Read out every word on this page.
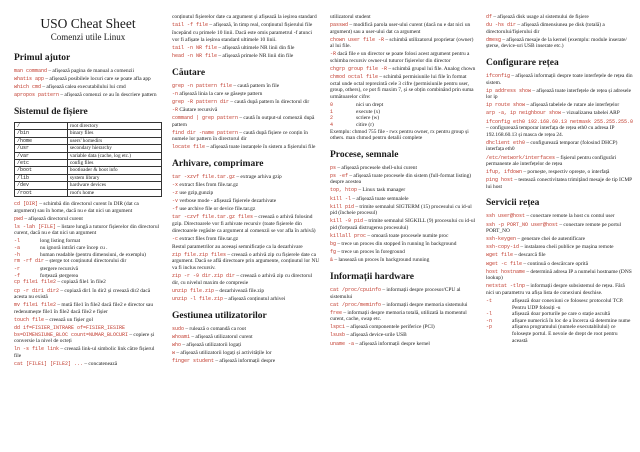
USO Cheat Sheet
Comenzi utile Linux
Primul ajutor

man command – afișează pagina de manual a comenzii

whatis app – afișează posibilele locuri care se poate afla app

which cmd – afișează calea executabilului lui cmd

apropos pattern – afișează comenzi ce au în descriere pattern

Sistemul de fișiere
/	root directory
/bin	binary files
/home	users' homedirs
/usr	secondary hierarchy
/var	variable data (cache, log etc.)
/etc	config files
/boot	bootloader & boot info
/lib	system library
/dev	hardware devices
/root	root's home

cd [DIR] – schimbă din directorul curent în DIR (dat ca argument) sau în home, dacă nu e dat nici un argument

pwd – afișează directorul curent

ls -lah [FILE] – listare lungă a tuturor fișierelor din directorul curent, dacă nu e dat nici un argument

-l	long listing format
-a	nu ignoră intrări care încep cu .
-h	human readable (pentru dimensiuni, de exemplu)

rm -rf dir – șterge tot conținutul directorului dir

-r	ștergere recursivă
-f	forțează ștergerea

cp file1 file2 – copiază file1 în file2

cp -r dir1 dir2 – copiază dir1 în dir2 și creează dir2 dacă acesta nu există

mv file1 file2 – mută file1 în file2 dacă file2 e director sau redenumește file1 în file2 dacă file2 e fișier

touch file – creează un fișier gol

dd if=FISIER_INTRARE of=FISIER_IESIRE bs=DIMENSIUNE_BLOC count=NUMAR_BLOCURI – copiere și conversie la nivel de octeți

ln -s file link – creează link-ul simbolic link către fișierul file

cat [FILE1] [FILE2] ... – concatenează

conținutul fișierelor date ca argument și afișează la ieșirea standard

tail -f file – afișează, în timp real, conținutul fișierului file

începând cu primele 10 linii. Dacă este omis parametrul -f atunci vor fi afișate la ieșirea standard ultimele 10 linii.

tail -n NR file – afișează ultimele NR linii din file

head -n NR file – afișează primele NR linii din file

Căutare

grep -n pattern file – caută pattern în file

-n afișează linia la care se găsește pattern

grep -R pattern dir – caută după pattern în directorul dir

-R Căutare recursivă

command | grep pattern – caută în output-ul comenzii după pattern

find dir -name pattern – caută după fișiere ce conțin în numele lor pattern în directorul dir

locate file – afișează toate instanțele în sistem a fișierului file

Arhivare, comprimare

tar -xzvf file.tar.gz – extrage arhiva gzip

-x extract files from file.tar.gz

-z use gzip,gunzip

-v verbose mode - afișează fișierele dezarhivate

-f use archive file or device file.tar.gz

tar -czvf file.tar.gz files – creează o arhivă folosind gzip. Directoarele vor fi arhivate recursiv (toate fișierele din directoarele regăsite ca argument al comenzii se vor afla în arhivă)

-c extract files from file.tar.gz

Restul parametrilor au aceeași semnificație ca la dezarhivare

zip file.zip files – creează o arhivă zip cu fișierele date ca argument. Dacă se află directoare prin argumente, conținutul lor NU va fi inclus recursiv.

zip -r -9 dir.zip dir – creează o arhivă zip cu directorul dir, cu nivelul maxim de compresie

unzip file.zip – dezarhivează file.zip

unzip -l file.zip – afișează conținutul arhivei

Gestiunea utilizatorilor

sudo – rulează o comandă ca root

whoami – afișează utilizatorul curent

who – afișează utilizatorii logați

w – afișează utilizatorii logați și activitățile lor

finger student – afișează informații despre

utilizatorul student

passwd – modifică parola user-ului curent (dacă nu e dat nici un argument) sau a user-ului dat ca argument

chown user file -R – schimbă utilizatorul proprietar (owner) al lui file.

-R dacă file e un director se poate folosi acest argument pentru a schimba recursiv owner-ul tuturor fișierelor din director

chgrp group file -R – schimbă grupul lui file. Analog chown

chmod octal file – schimbă permisiunile lui file în format octal unde octal reprezintă cele 3 cifre (permisiunile pentru user, group, others), ce pot fi maxim 7, și se obțin combinând prin suma următoarelor cifre:

0	nici un drept
1	execute (x)
2	scriere (w)
4	citire (r)

Exemplu: chmod 755 file - rwx pentru owner, rx pentru group și others. man chmod pentru detalii complete

Procese, semnale

ps – afișează procesele shell-ului curent

ps -ef – afișează toate procesele din sistem (full-format listing) despre acestea

top, htop – Linux task manager

kill -l – afișează toate semnalele

kill pid – trimite semnalul SIGTERM (15) procesului cu id-ul pid (încheie procesul)

kill -9 pid – trimite semnalul SIGKILL (9) procesului cu id-ul pid (forțează distrugerea procesului)

killall proc – omoară toate procesele numite proc

bg – trece un proces din stopped în running în background

fg – trece un proces în foreground

& – lansează un proces în background running

Informații hardware

cat /proc/cpuinfo – informații despre procesor/CPU al sistemului

cat /proc/meminfo – informații despre memoria sistemului

free – informații despre memoria totală, utilizată la momentul curent, cache, swap etc.

lspci – afișează componentele periferice (PCI)

lsusb – afișează device-urile USB

uname -a – afișează informații despre kernel

df – afișează disk usage al sistemului de fișiere

du -hs dir – afișează dimensiunea pe disk (totală) a directorului/fișierului dir

dmesg – afișează mesaje de la kernel (exemplu: module inserate/șterse, device-uri USB inserate etc.)

Configurare rețea

ifconfig – afișează informații despre toate interfețele de rețea din sistem.

ip address show – afișează toate interfețele de rețea și adresele lor ip

ip route show – afișează tabelele de rutare ale interfețelor

arp -a, ip neighbour show – vizualizarea tabelei ARP

ifconfig eth0 192.168.60.13 netmask 255.255.255.0 – configurează temporar interfața de rețea eth0 cu adresa IP 192.168.60.13 și masca de rețea 24.

dhclient eth0 – configurează temporar (folosind DHCP) interfața eth0

/etc/network/interfaces – fișierul pentru configurări permanente ale interfețelor de rețea

ifup, ifdown – pornește, respectiv oprește, o interfață

ping host – testează conectivitatea trimițând mesaje de tip ICMP lui host

Servicii rețea

ssh user@host – conectare remote la host cu contul user

ssh -p PORT_NO user@host – conectare remote pe portul PORT_NO

ssh-keygen – generare chei de autentificare

ssh-copy-id – instalarea cheii publice pe mașina remote

wget file – descarcă file

wget -c file – continuă o descărcare oprită

host hostname – determină adresa IP a numelui hostname (DNS lookup)

netstat -tlnp – informații despre subsistemul de rețea. Fără nici un parametru va afișa lista de conexiuni deschise.

-t	afișează doar conexiuni ce folosesc protocolul TCP. Pentru UDP folosiți -u
-l	afișează doar porturile pe care o stație ascultă
-n	afișare numerică în loc de a încerca să determine nume
-p	afișarea programului (numele executabilului) ce folosește portul. E nevoie de drept de root pentru această
